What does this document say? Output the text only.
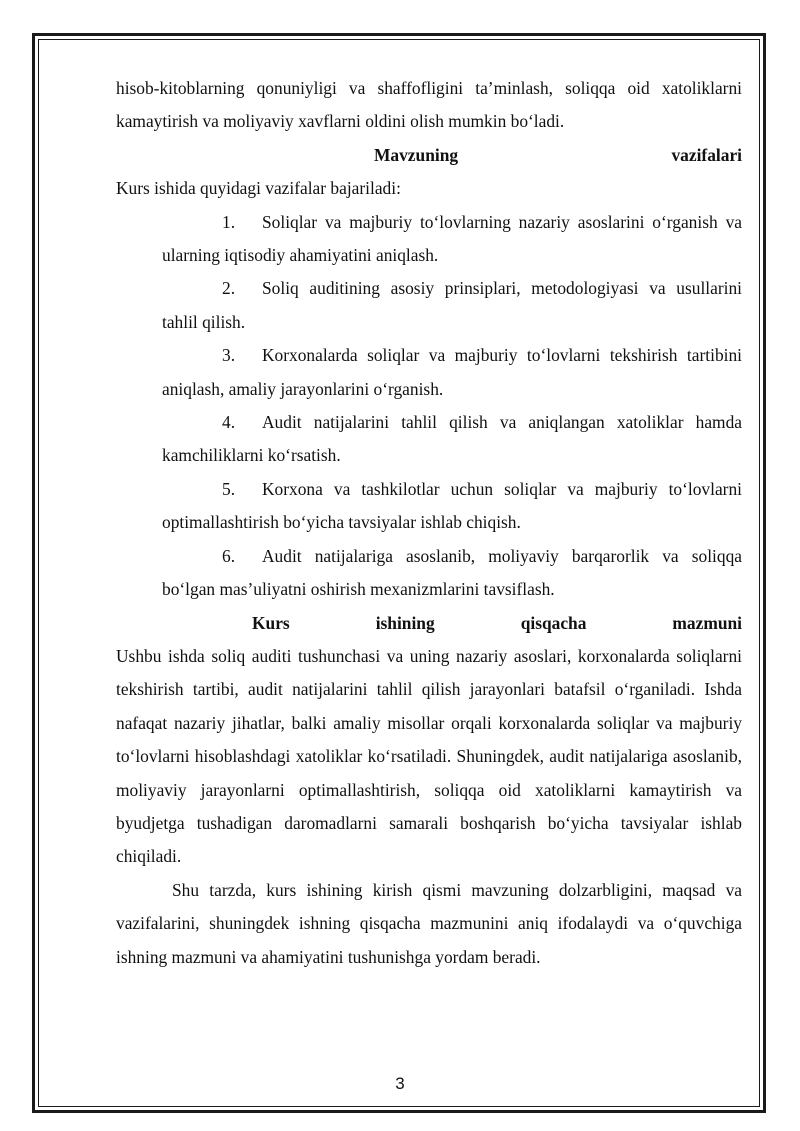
hisob-kitoblarning qonuniyligi va shaffofligini ta’minlash, soliqqa oid xatoliklarni kamaytirish va moliyaviy xavflarni oldini olish mumkin bo‘ladi.

Mavzuning vazifalari

Kurs ishida quyidagi vazifalar bajariladi:

1. Soliqlar va majburiy to‘lovlarning nazariy asoslarini o‘rganish va ularning iqtisodiy ahamiyatini aniqlash.

2. Soliq auditining asosiy prinsiplari, metodologiyasi va usullarini tahlil qilish.

3. Korxonalarda soliqlar va majburiy to‘lovlarni tekshirish tartibini aniqlash, amaliy jarayonlarini o‘rganish.

4. Audit natijalarini tahlil qilish va aniqlangan xatoliklar hamda kamchiliklarni ko‘rsatish.

5. Korxona va tashkilotlar uchun soliqlar va majburiy to‘lovlarni optimallashtirish bo‘yicha tavsiyalar ishlab chiqish.

6. Audit natijalariga asoslanib, moliyaviy barqarorlik va soliqqa bo‘lgan mas’uliyatni oshirish mexanizmlarini tavsiflash.

Kurs ishining qisqacha mazmuni

Ushbu ishda soliq auditi tushunchasi va uning nazariy asoslari, korxonalarda soliqlarni tekshirish tartibi, audit natijalarini tahlil qilish jarayonlari batafsil o‘rganiladi. Ishda nafaqat nazariy jihatlar, balki amaliy misollar orqali korxonalarda soliqlar va majburiy to‘lovlarni hisoblashdagi xatoliklar ko‘rsatiladi. Shuningdek, audit natijalariga asoslanib, moliyaviy jarayonlarni optimallashtirish, soliqqa oid xatoliklarni kamaytirish va byudjetga tushadigan daromadlarni samarali boshqarish bo‘yicha tavsiyalar ishlab chiqiladi.

Shu tarzda, kurs ishining kirish qismi mavzuning dolzarbligini, maqsad va vazifalarini, shuningdek ishning qisqacha mazmunini aniq ifodalaydi va o‘quvchiga ishning mazmuni va ahamiyatini tushunishga yordam beradi.

3
